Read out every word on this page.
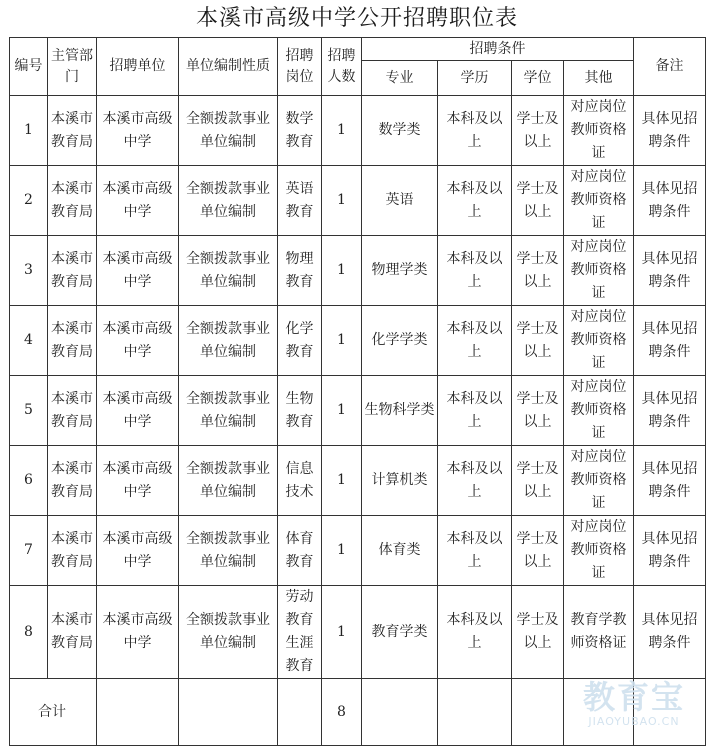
本溪市高级中学公开招聘职位表
编号	主管部门	招聘单位	单位编制性质	招聘岗位	招聘人数	招聘条件				备注
						专业	学历	学位	其他	
1	本溪市教育局	本溪市高级中学	全额拨款事业单位编制	数学教育	1	数学类	本科及以上	学士及以上	对应岗位教师资格证	具体见招聘条件
2	本溪市教育局	本溪市高级中学	全额拨款事业单位编制	英语教育	1	英语	本科及以上	学士及以上	对应岗位教师资格证	具体见招聘条件
3	本溪市教育局	本溪市高级中学	全额拨款事业单位编制	物理教育	1	物理学类	本科及以上	学士及以上	对应岗位教师资格证	具体见招聘条件
4	本溪市教育局	本溪市高级中学	全额拨款事业单位编制	化学教育	1	化学学类	本科及以上	学士及以上	对应岗位教师资格证	具体见招聘条件
5	本溪市教育局	本溪市高级中学	全额拨款事业单位编制	生物教育	1	生物科学类	本科及以上	学士及以上	对应岗位教师资格证	具体见招聘条件
6	本溪市教育局	本溪市高级中学	全额拨款事业单位编制	信息技术	1	计算机类	本科及以上	学士及以上	对应岗位教师资格证	具体见招聘条件
7	本溪市教育局	本溪市高级中学	全额拨款事业单位编制	体育教育	1	体育类	本科及以上	学士及以上	对应岗位教师资格证	具体见招聘条件
8	本溪市教育局	本溪市高级中学	全额拨款事业单位编制	劳动教育生涯教育	1	教育学类	本科及以上	学士及以上	教育学教师资格证	具体见招聘条件
合计					8						教育宝
JIAOYUBAO.CN
